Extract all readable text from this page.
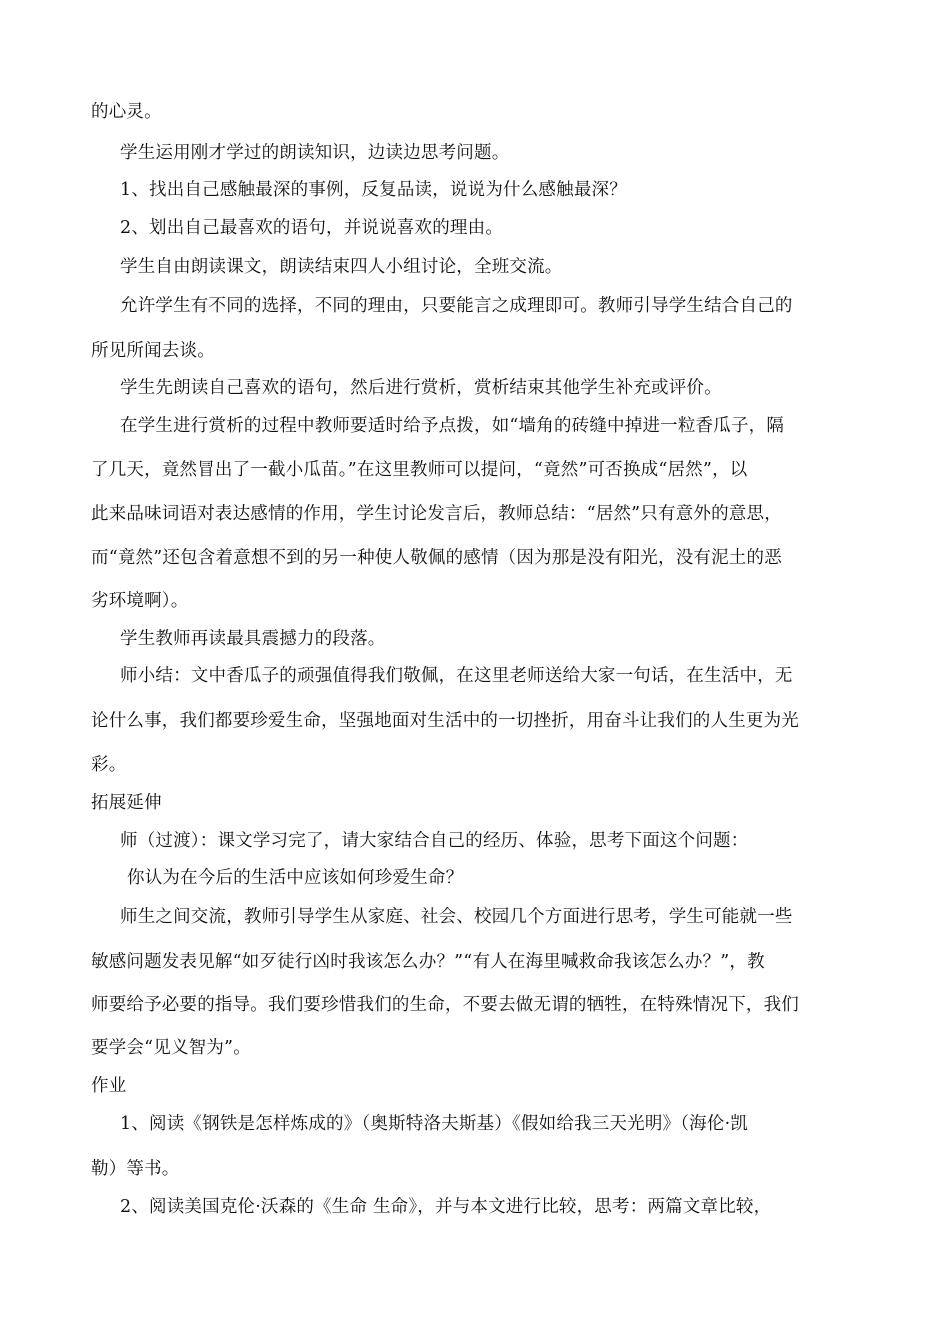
的心灵。
学生运用刚才学过的朗读知识，边读边思考问题。
1、找出自己感触最深的事例，反复品读，说说为什么感触最深？
2、划出自己最喜欢的语句，并说说喜欢的理由。
学生自由朗读课文，朗读结束四人小组讨论，全班交流。
允许学生有不同的选择，不同的理由，只要能言之成理即可。教师引导学生结合自己的
所见所闻去谈。
学生先朗读自己喜欢的语句，然后进行赏析，赏析结束其他学生补充或评价。
在学生进行赏析的过程中教师要适时给予点拨，如“墙角的砖缝中掉进一粒香瓜子，隔
了几天，竟然冒出了一截小瓜苗。”在这里教师可以提问，“竟然”可否换成“居然”，以
此来品味词语对表达感情的作用，学生讨论发言后，教师总结：“居然”只有意外的意思，
而“竟然”还包含着意想不到的另一种使人敬佩的感情（因为那是没有阳光，没有泥土的恶
劣环境啊）。
学生教师再读最具震撼力的段落。
师小结：文中香瓜子的顽强值得我们敬佩，在这里老师送给大家一句话，在生活中，无
论什么事，我们都要珍爱生命，坚强地面对生活中的一切挫折，用奋斗让我们的人生更为光
彩。
拓展延伸
师（过渡）：课文学习完了，请大家结合自己的经历、体验，思考下面这个问题：
你认为在今后的生活中应该如何珍爱生命？
师生之间交流，教师引导学生从家庭、社会、校园几个方面进行思考，学生可能就一些
敏感问题发表见解“如歹徒行凶时我该怎么办？”“有人在海里喊救命我该怎么办？”，教
师要给予必要的指导。我们要珍惜我们的生命，不要去做无谓的牺牲，在特殊情况下，我们
要学会“见义智为”。
作业
1、阅读《钢铁是怎样炼成的》（奥斯特洛夫斯基）《假如给我三天光明》（海伦·凯
勒）等书。
2、阅读美国克伦·沃森的《生命 生命》，并与本文进行比较，思考：两篇文章比较，
